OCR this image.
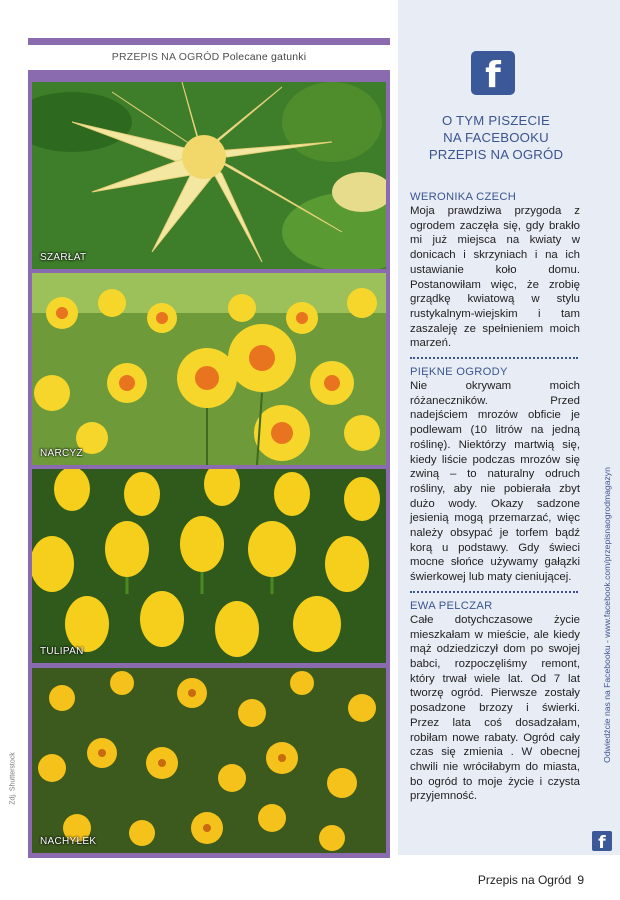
PRZEPIS NA OGRÓD Polecane gatunki
SZARŁAT
NARCYZ
TULIPAN
NACHYŁEK
Zdj. Shutterstock
f
O TYM PISZECIE
NA FACEBOOKU
PRZEPIS NA OGRÓD
WERONIKA CZECH

Moja prawdziwa przygoda z ogrodem zaczęła się, gdy brakło mi już miejsca na kwiaty w donicach i skrzyniach i na ich ustawianie koło domu. Postanowiłam więc, że zrobię grządkę kwiatową w stylu rustykalnym-wiejskim i tam zaszaleję ze spełnieniem moich marzeń.

PIĘKNE OGRODY

Nie okrywam moich różaneczników. Przed nadejściem mrozów obficie je podlewam (10 litrów na jedną roślinę). Niektórzy martwią się, kiedy liście podczas mrozów się zwiną – to naturalny odruch rośliny, aby nie pobierała zbyt dużo wody. Okazy sadzone jesienią mogą przemarzać, więc należy obsypać je torfem bądź korą u podstawy. Gdy świeci mocne słońce używamy gałązki świerkowej lub maty cieniującej.

EWA PELCZAR

Całe dotychczasowe życie mieszkałam w mieście, ale kiedy mąż odziedziczył dom po swojej babci, rozpoczęliśmy remont, który trwał wiele lat. Od 7 lat tworzę ogród. Pierwsze zostały posadzone brzozy i świerki. Przez lata coś dosadzałam, robiłam nowe rabaty. Ogród cały czas się zmienia . W obecnej chwili nie wróciłabym do miasta, bo ogród to moje życie i czysta przyjemność.

Odwiedźcie nas na Facebooku - www.facebook.com/przepisnaogrodmagazyn
f
Przepis na Ogród 9
